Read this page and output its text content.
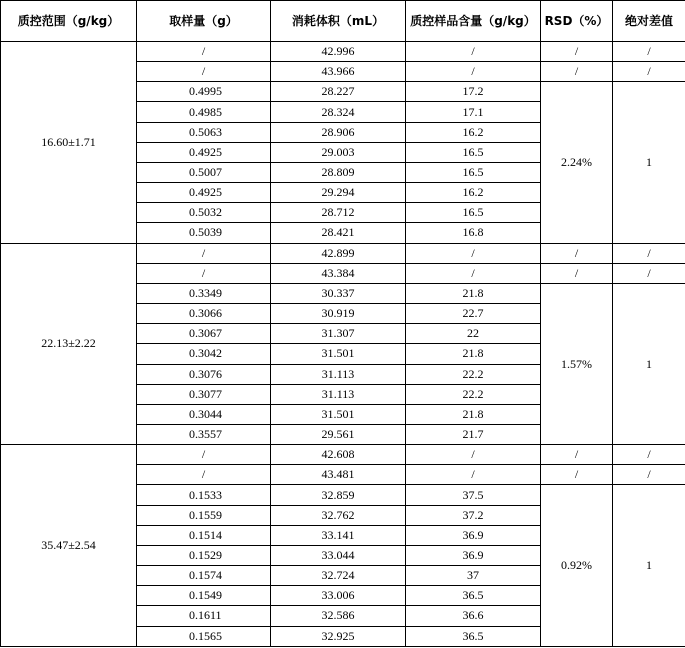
质控范围（g/kg）	取样量（g）	消耗体积（mL）	质控样品含量（g/kg）	RSD（%）	绝对差值
16.60±1.71	/	42.996	/	/	/
	/	43.966	/	/	/
	0.4995	28.227	17.2	2.24%	1
	0.4985	28.324	17.1		
	0.5063	28.906	16.2		
	0.4925	29.003	16.5		
	0.5007	28.809	16.5		
	0.4925	29.294	16.2		
	0.5032	28.712	16.5		
	0.5039	28.421	16.8		
22.13±2.22	/	42.899	/	/	/
	/	43.384	/	/	/
	0.3349	30.337	21.8	1.57%	1
	0.3066	30.919	22.7		
	0.3067	31.307	22		
	0.3042	31.501	21.8		
	0.3076	31.113	22.2		
	0.3077	31.113	22.2		
	0.3044	31.501	21.8		
	0.3557	29.561	21.7		
35.47±2.54	/	42.608	/	/	/
	/	43.481	/	/	/
	0.1533	32.859	37.5	0.92%	1
	0.1559	32.762	37.2		
	0.1514	33.141	36.9		
	0.1529	33.044	36.9		
	0.1574	32.724	37		
	0.1549	33.006	36.5		
	0.1611	32.586	36.6		
	0.1565	32.925	36.5		
